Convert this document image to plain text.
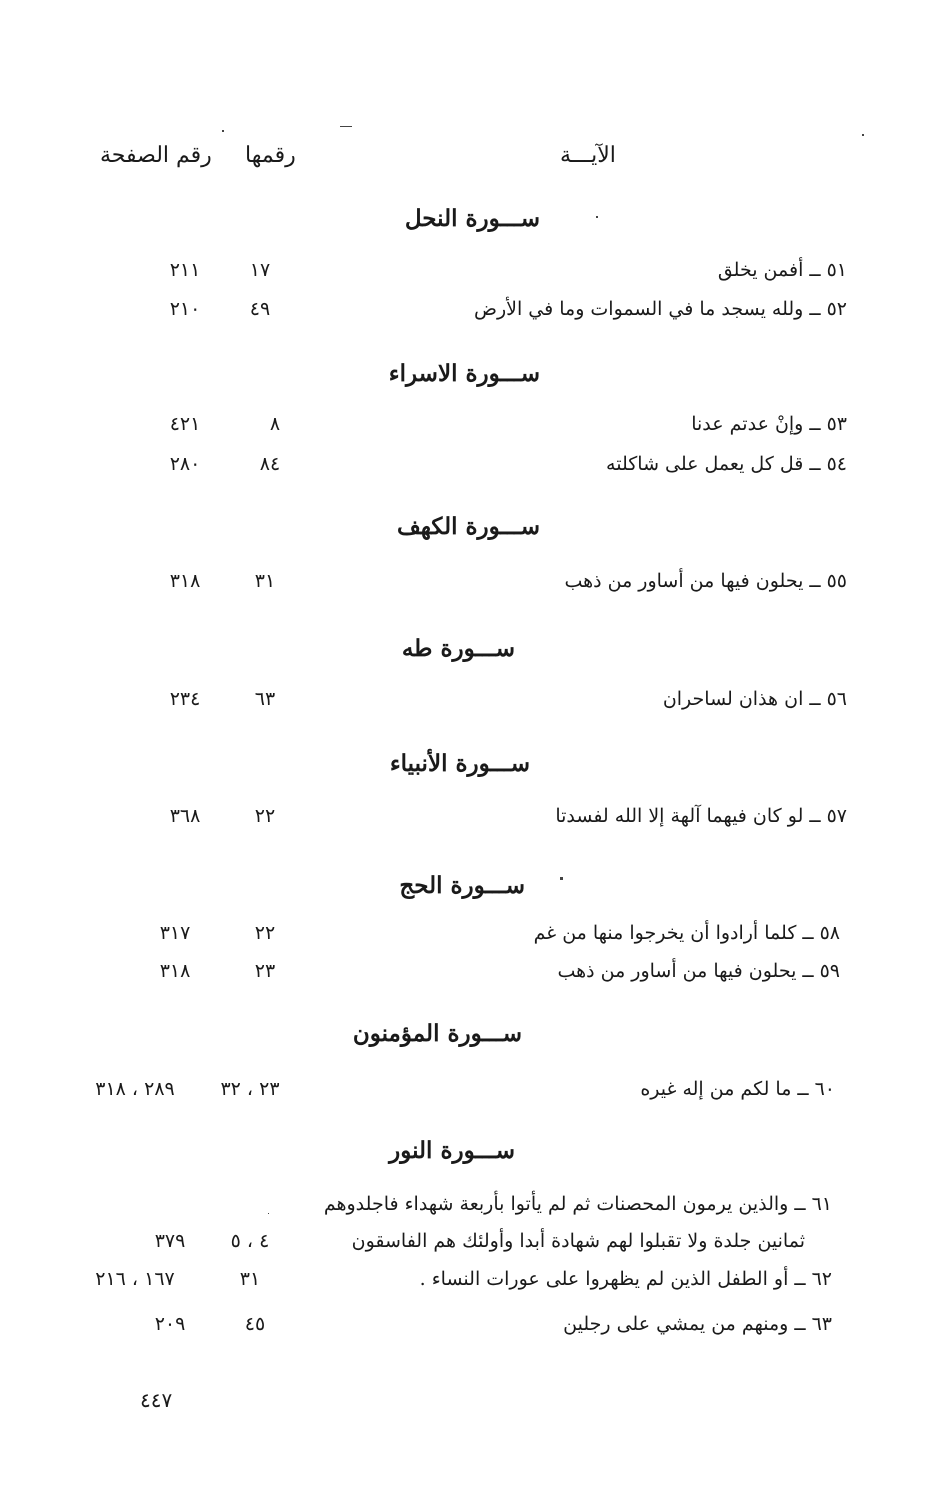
الآيـــة
رقمها
رقم الصفحة
ســـورة النحل
ســـورة الاسراء
ســـورة الكهف
ســـورة طه
ســـورة الأنبياء
ســـورة الحج
ســـورة المؤمنون
ســـورة النور
٥١ ــ أفمن يخلق
١٧
٢١١
٥٢ ــ ولله يسجد ما في السموات وما في الأرض
٤٩
٢١٠
٥٣ ــ وإنْ عدتم عدنا
٨
٤٢١
٥٤ ــ قل كل يعمل على شاكلته
٨٤
٢٨٠
٥٥ ــ يحلون فيها من أساور من ذهب
٣١
٣١٨
٥٦ ــ ان هذان لساحران
٦٣
٢٣٤
٥٧ ــ لو كان فيهما آلهة إلا الله لفسدتا
٢٢
٣٦٨
٥٨ ــ كلما أرادوا أن يخرجوا منها من غم
٢٢
٣١٧
٥٩ ــ يحلون فيها من أساور من ذهب
٢٣
٣١٨
٦٠ ــ ما لكم من إله غيره
٢٣ ، ٣٢
٢٨٩ ، ٣١٨
٦١ ــ والذين يرمون المحصنات ثم لم يأتوا بأربعة شهداء فاجلدوهم
ثمانين جلدة ولا تقبلوا لهم شهادة أبدا وأولئك هم الفاسقون
٤ ، ٥
٣٧٩
٦٢ ــ أو الطفل الذين لم يظهروا على عورات النساء .
٣١
١٦٧ ، ٢١٦
٦٣ ــ ومنهم من يمشي على رجلين
٤٥
٢٠٩
٤٤٧
